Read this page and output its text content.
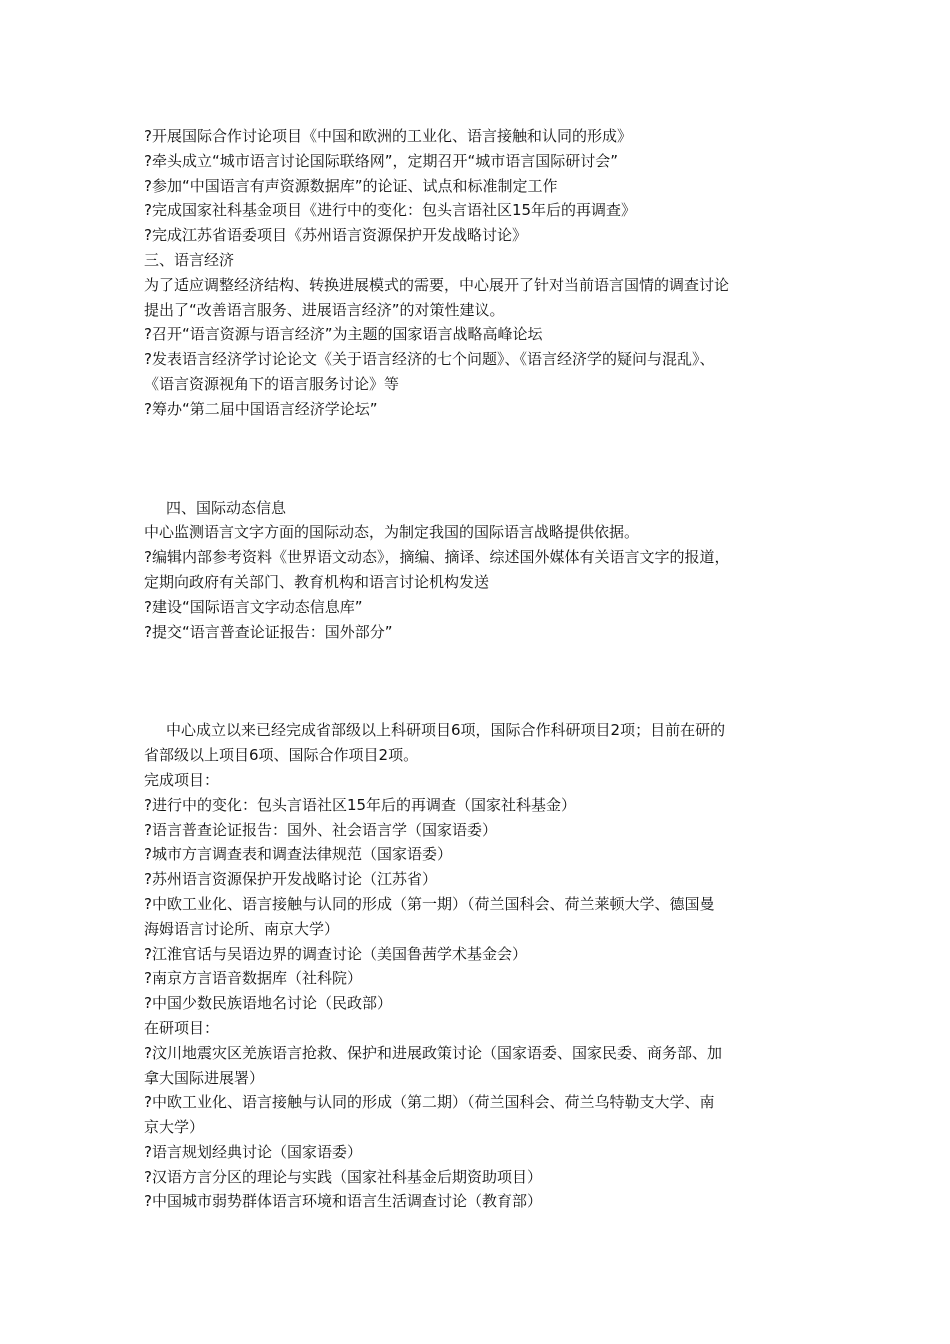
?开展国际合作讨论项目《中国和欧洲的工业化、语言接触和认同的形成》

?牵头成立“城市语言讨论国际联络网”，定期召开“城市语言国际研讨会”

?参加“中国语言有声资源数据库”的论证、试点和标准制定工作

?完成国家社科基金项目《进行中的变化：包头言语社区15年后的再调查》

?完成江苏省语委项目《苏州语言资源保护开发战略讨论》

三、语言经济

为了适应调整经济结构、转换进展模式的需要，中心展开了针对当前语言国情的调查讨论

提出了“改善语言服务、进展语言经济”的对策性建议。

?召开“语言资源与语言经济”为主题的国家语言战略高峰论坛

?发表语言经济学讨论论文《关于语言经济的七个问题》、《语言经济学的疑问与混乱》、

《语言资源视角下的语言服务讨论》等

?筹办“第二届中国语言经济学论坛”

四、国际动态信息

中心监测语言文字方面的国际动态，为制定我国的国际语言战略提供依据。

?编辑内部参考资料《世界语文动态》，摘编、摘译、综述国外媒体有关语言文字的报道，

定期向政府有关部门、教育机构和语言讨论机构发送

?建设“国际语言文字动态信息库”

?提交“语言普查论证报告：国外部分”

中心成立以来已经完成省部级以上科研项目6项，国际合作科研项目2项；目前在研的

省部级以上项目6项、国际合作项目2项。

完成项目：

?进行中的变化：包头言语社区15年后的再调查（国家社科基金）

?语言普查论证报告：国外、社会语言学（国家语委）

?城市方言调查表和调查法律规范（国家语委）

?苏州语言资源保护开发战略讨论（江苏省）

?中欧工业化、语言接触与认同的形成（第一期）（荷兰国科会、荷兰莱顿大学、德国曼

海姆语言讨论所、南京大学）

?江淮官话与吴语边界的调查讨论（美国鲁茜学术基金会）

?南京方言语音数据库（社科院）

?中国少数民族语地名讨论（民政部）

在研项目：

?汶川地震灾区羌族语言抢救、保护和进展政策讨论（国家语委、国家民委、商务部、加

拿大国际进展署）

?中欧工业化、语言接触与认同的形成（第二期）（荷兰国科会、荷兰乌特勒支大学、南

京大学）

?语言规划经典讨论（国家语委）

?汉语方言分区的理论与实践（国家社科基金后期资助项目）

?中国城市弱势群体语言环境和语言生活调查讨论（教育部）
